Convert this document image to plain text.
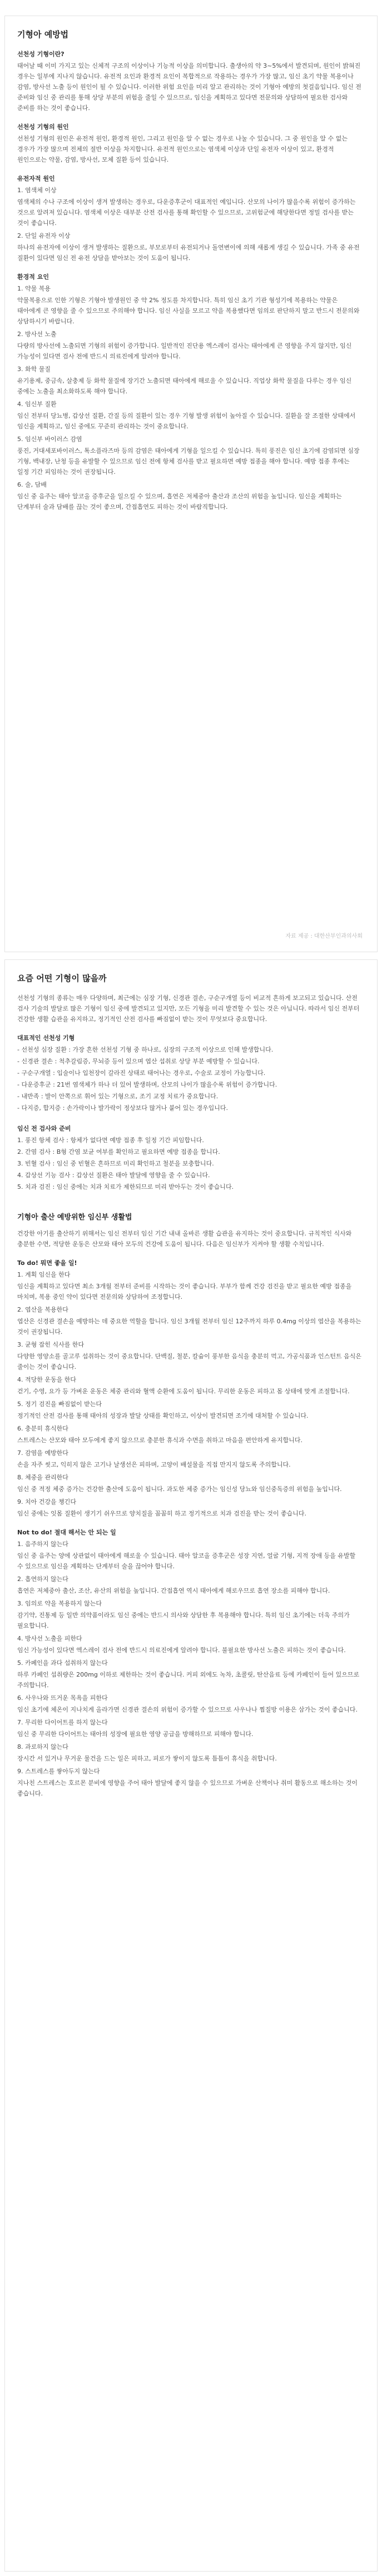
기형아 예방법
선천성 기형이란?

태어날 때 이미 가지고 있는 신체적 구조의 이상이나 기능적 이상을 의미합니다. 출생아의 약 3~5%에서 발견되며, 원인이 밝혀진 경우는 일부에 지나지 않습니다. 유전적 요인과 환경적 요인이 복합적으로 작용하는 경우가 가장 많고, 임신 초기 약물 복용이나 감염, 방사선 노출 등이 원인이 될 수 있습니다. 이러한 위험 요인을 미리 알고 관리하는 것이 기형아 예방의 첫걸음입니다. 임신 전 준비와 임신 중 관리를 통해 상당 부분의 위험을 줄일 수 있으므로, 임신을 계획하고 있다면 전문의와 상담하여 필요한 검사와 준비를 하는 것이 좋습니다.

선천성 기형의 원인

선천성 기형의 원인은 유전적 원인, 환경적 원인, 그리고 원인을 알 수 없는 경우로 나눌 수 있습니다. 그 중 원인을 알 수 없는 경우가 가장 많으며 전체의 절반 이상을 차지합니다. 유전적 원인으로는 염색체 이상과 단일 유전자 이상이 있고, 환경적 원인으로는 약물, 감염, 방사선, 모체 질환 등이 있습니다.

유전자적 원인
1. 염색체 이상

염색체의 수나 구조에 이상이 생겨 발생하는 경우로, 다운증후군이 대표적인 예입니다. 산모의 나이가 많을수록 위험이 증가하는 것으로 알려져 있습니다. 염색체 이상은 대부분 산전 검사를 통해 확인할 수 있으므로, 고위험군에 해당한다면 정밀 검사를 받는 것이 좋습니다.

2. 단일 유전자 이상

하나의 유전자에 이상이 생겨 발생하는 질환으로, 부모로부터 유전되거나 돌연변이에 의해 새롭게 생길 수 있습니다. 가족 중 유전 질환이 있다면 임신 전 유전 상담을 받아보는 것이 도움이 됩니다.

환경적 요인
1. 약물 복용

약물복용으로 인한 기형은 기형아 발생원인 중 약 2% 정도를 차지합니다. 특히 임신 초기 기관 형성기에 복용하는 약물은 태아에게 큰 영향을 줄 수 있으므로 주의해야 합니다. 임신 사실을 모르고 약을 복용했다면 임의로 판단하지 말고 반드시 전문의와 상담하시기 바랍니다.

2. 방사선 노출

다량의 방사선에 노출되면 기형의 위험이 증가합니다. 일반적인 진단용 엑스레이 검사는 태아에게 큰 영향을 주지 않지만, 임신 가능성이 있다면 검사 전에 반드시 의료진에게 알려야 합니다.

3. 화학 물질

유기용제, 중금속, 살충제 등 화학 물질에 장기간 노출되면 태아에게 해로울 수 있습니다. 직업상 화학 물질을 다루는 경우 임신 중에는 노출을 최소화하도록 해야 합니다.

4. 임신부 질환

임신 전부터 당뇨병, 갑상선 질환, 간질 등의 질환이 있는 경우 기형 발생 위험이 높아질 수 있습니다. 질환을 잘 조절한 상태에서 임신을 계획하고, 임신 중에도 꾸준히 관리하는 것이 중요합니다.

5. 임신부 바이러스 감염

풍진, 거대세포바이러스, 톡소플라즈마 등의 감염은 태아에게 기형을 일으킬 수 있습니다. 특히 풍진은 임신 초기에 감염되면 심장 기형, 백내장, 난청 등을 유발할 수 있으므로 임신 전에 항체 검사를 받고 필요하면 예방 접종을 해야 합니다. 예방 접종 후에는 일정 기간 피임하는 것이 권장됩니다.

6. 술, 담배

임신 중 음주는 태아 알코올 증후군을 일으킬 수 있으며, 흡연은 저체중아 출산과 조산의 위험을 높입니다. 임신을 계획하는 단계부터 술과 담배를 끊는 것이 좋으며, 간접흡연도 피하는 것이 바람직합니다.

자료 제공 : 대한산부인과의사회
요즘 어떤 기형이 많을까

선천성 기형의 종류는 매우 다양하며, 최근에는 심장 기형, 신경관 결손, 구순구개열 등이 비교적 흔하게 보고되고 있습니다. 산전 검사 기술의 발달로 많은 기형이 임신 중에 발견되고 있지만, 모든 기형을 미리 발견할 수 있는 것은 아닙니다. 따라서 임신 전부터 건강한 생활 습관을 유지하고, 정기적인 산전 검사를 빠짐없이 받는 것이 무엇보다 중요합니다.

대표적인 선천성 기형
- 선천성 심장 질환 : 가장 흔한 선천성 기형 중 하나로, 심장의 구조적 이상으로 인해 발생합니다.
- 신경관 결손 : 척추갈림증, 무뇌증 등이 있으며 엽산 섭취로 상당 부분 예방할 수 있습니다.
- 구순구개열 : 입술이나 입천장이 갈라진 상태로 태어나는 경우로, 수술로 교정이 가능합니다.
- 다운증후군 : 21번 염색체가 하나 더 있어 발생하며, 산모의 나이가 많을수록 위험이 증가합니다.
- 내반족 : 발이 안쪽으로 휘어 있는 기형으로, 조기 교정 치료가 중요합니다.
- 다지증, 합지증 : 손가락이나 발가락이 정상보다 많거나 붙어 있는 경우입니다.
임신 전 검사와 준비
1. 풍진 항체 검사 : 항체가 없다면 예방 접종 후 일정 기간 피임합니다.
2. 간염 검사 : B형 간염 보균 여부를 확인하고 필요하면 예방 접종을 합니다.
3. 빈혈 검사 : 임신 중 빈혈은 흔하므로 미리 확인하고 철분을 보충합니다.
4. 갑상선 기능 검사 : 갑상선 질환은 태아 발달에 영향을 줄 수 있습니다.
5. 치과 검진 : 임신 중에는 치과 치료가 제한되므로 미리 받아두는 것이 좋습니다.
기형아 출산 예방위한 임신부 생활법

건강한 아기를 출산하기 위해서는 임신 전부터 임신 기간 내내 올바른 생활 습관을 유지하는 것이 중요합니다. 규칙적인 식사와 충분한 수면, 적당한 운동은 산모와 태아 모두의 건강에 도움이 됩니다. 다음은 임신부가 지켜야 할 생활 수칙입니다.

To do! 뭐면 좋을 일!
1. 계획 임신을 한다

임신을 계획하고 있다면 최소 3개월 전부터 준비를 시작하는 것이 좋습니다. 부부가 함께 건강 검진을 받고 필요한 예방 접종을 마치며, 복용 중인 약이 있다면 전문의와 상담하여 조정합니다.

2. 엽산을 복용한다

엽산은 신경관 결손을 예방하는 데 중요한 역할을 합니다. 임신 3개월 전부터 임신 12주까지 하루 0.4mg 이상의 엽산을 복용하는 것이 권장됩니다.

3. 균형 잡힌 식사를 한다

다양한 영양소를 골고루 섭취하는 것이 중요합니다. 단백질, 철분, 칼슘이 풍부한 음식을 충분히 먹고, 가공식품과 인스턴트 음식은 줄이는 것이 좋습니다.

4. 적당한 운동을 한다

걷기, 수영, 요가 등 가벼운 운동은 체중 관리와 혈액 순환에 도움이 됩니다. 무리한 운동은 피하고 몸 상태에 맞게 조절합니다.

5. 정기 검진을 빠짐없이 받는다

정기적인 산전 검사를 통해 태아의 성장과 발달 상태를 확인하고, 이상이 발견되면 조기에 대처할 수 있습니다.

6. 충분히 휴식한다

스트레스는 산모와 태아 모두에게 좋지 않으므로 충분한 휴식과 수면을 취하고 마음을 편안하게 유지합니다.

7. 감염을 예방한다

손을 자주 씻고, 익히지 않은 고기나 날생선은 피하며, 고양이 배설물을 직접 만지지 않도록 주의합니다.

8. 체중을 관리한다

임신 중 적정 체중 증가는 건강한 출산에 도움이 됩니다. 과도한 체중 증가는 임신성 당뇨와 임신중독증의 위험을 높입니다.

9. 치아 건강을 챙긴다

임신 중에는 잇몸 질환이 생기기 쉬우므로 양치질을 꼼꼼히 하고 정기적으로 치과 검진을 받는 것이 좋습니다.

Not to do! 절대 해서는 안 되는 일
1. 음주하지 않는다

임신 중 음주는 양에 상관없이 태아에게 해로울 수 있습니다. 태아 알코올 증후군은 성장 지연, 얼굴 기형, 지적 장애 등을 유발할 수 있으므로 임신을 계획하는 단계부터 술을 끊어야 합니다.

2. 흡연하지 않는다

흡연은 저체중아 출산, 조산, 유산의 위험을 높입니다. 간접흡연 역시 태아에게 해로우므로 흡연 장소를 피해야 합니다.

3. 임의로 약을 복용하지 않는다

감기약, 진통제 등 일반 의약품이라도 임신 중에는 반드시 의사와 상담한 후 복용해야 합니다. 특히 임신 초기에는 더욱 주의가 필요합니다.

4. 방사선 노출을 피한다

임신 가능성이 있다면 엑스레이 검사 전에 반드시 의료진에게 알려야 합니다. 불필요한 방사선 노출은 피하는 것이 좋습니다.

5. 카페인을 과다 섭취하지 않는다

하루 카페인 섭취량은 200mg 이하로 제한하는 것이 좋습니다. 커피 외에도 녹차, 초콜릿, 탄산음료 등에 카페인이 들어 있으므로 주의합니다.

6. 사우나와 뜨거운 목욕을 피한다

임신 초기에 체온이 지나치게 올라가면 신경관 결손의 위험이 증가할 수 있으므로 사우나나 찜질방 이용은 삼가는 것이 좋습니다.

7. 무리한 다이어트를 하지 않는다

임신 중 무리한 다이어트는 태아의 성장에 필요한 영양 공급을 방해하므로 피해야 합니다.

8. 과로하지 않는다

장시간 서 있거나 무거운 물건을 드는 일은 피하고, 피로가 쌓이지 않도록 틈틈이 휴식을 취합니다.

9. 스트레스를 쌓아두지 않는다

지나친 스트레스는 호르몬 분비에 영향을 주어 태아 발달에 좋지 않을 수 있으므로 가벼운 산책이나 취미 활동으로 해소하는 것이 좋습니다.
